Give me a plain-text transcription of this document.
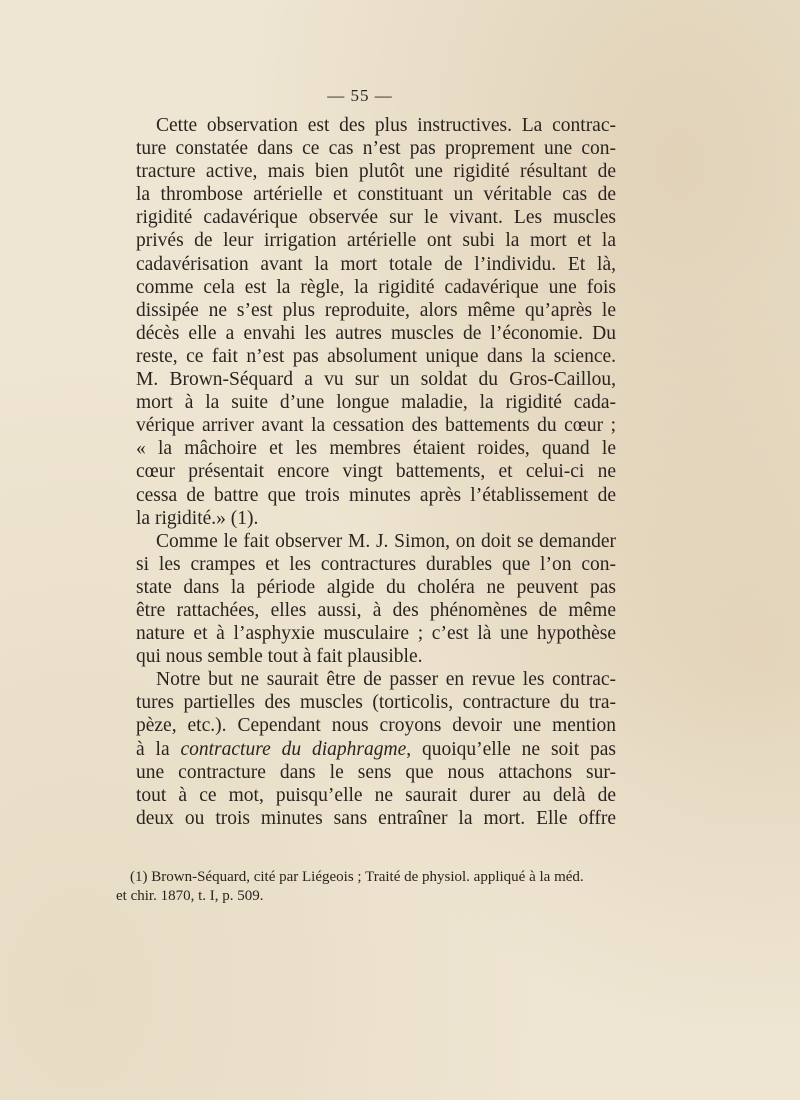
— 55 —

Cette observation est des plus instructives. La contrac-
ture constatée dans ce cas n’est pas proprement une con-
tracture active, mais bien plutôt une rigidité résultant de
la thrombose artérielle et constituant un véritable cas de
rigidité cadavérique observée sur le vivant. Les muscles
privés de leur irrigation artérielle ont subi la mort et la
cadavérisation avant la mort totale de l’individu. Et là,
comme cela est la règle, la rigidité cadavérique une fois
dissipée ne s’est plus reproduite, alors même qu’après le
décès elle a envahi les autres muscles de l’économie. Du
reste, ce fait n’est pas absolument unique dans la science.
M. Brown-Séquard a vu sur un soldat du Gros-Caillou,
mort à la suite d’une longue maladie, la rigidité cada-
vérique arriver avant la cessation des battements du cœur ;
« la mâchoire et les membres étaient roides, quand le
cœur présentait encore vingt battements, et celui-ci ne
cessa de battre que trois minutes après l’établissement de
la rigidité.» (1).

Comme le fait observer M. J. Simon, on doit se demander
si les crampes et les contractures durables que l’on con-
state dans la période algide du choléra ne peuvent pas
être rattachées, elles aussi, à des phénomènes de même
nature et à l’asphyxie musculaire ; c’est là une hypothèse
qui nous semble tout à fait plausible.

Notre but ne saurait être de passer en revue les contrac-
tures partielles des muscles (torticolis, contracture du tra-
pèze, etc.). Cependant nous croyons devoir une mention
à la contracture du diaphragme, quoiqu’elle ne soit pas
une contracture dans le sens que nous attachons sur-
tout à ce mot, puisqu’elle ne saurait durer au delà de
deux ou trois minutes sans entraîner la mort. Elle offre

(1) Brown-Séquard, cité par Liégeois ; Traité de physiol. appliqué à la méd.
et chir. 1870, t. I, p. 509.
